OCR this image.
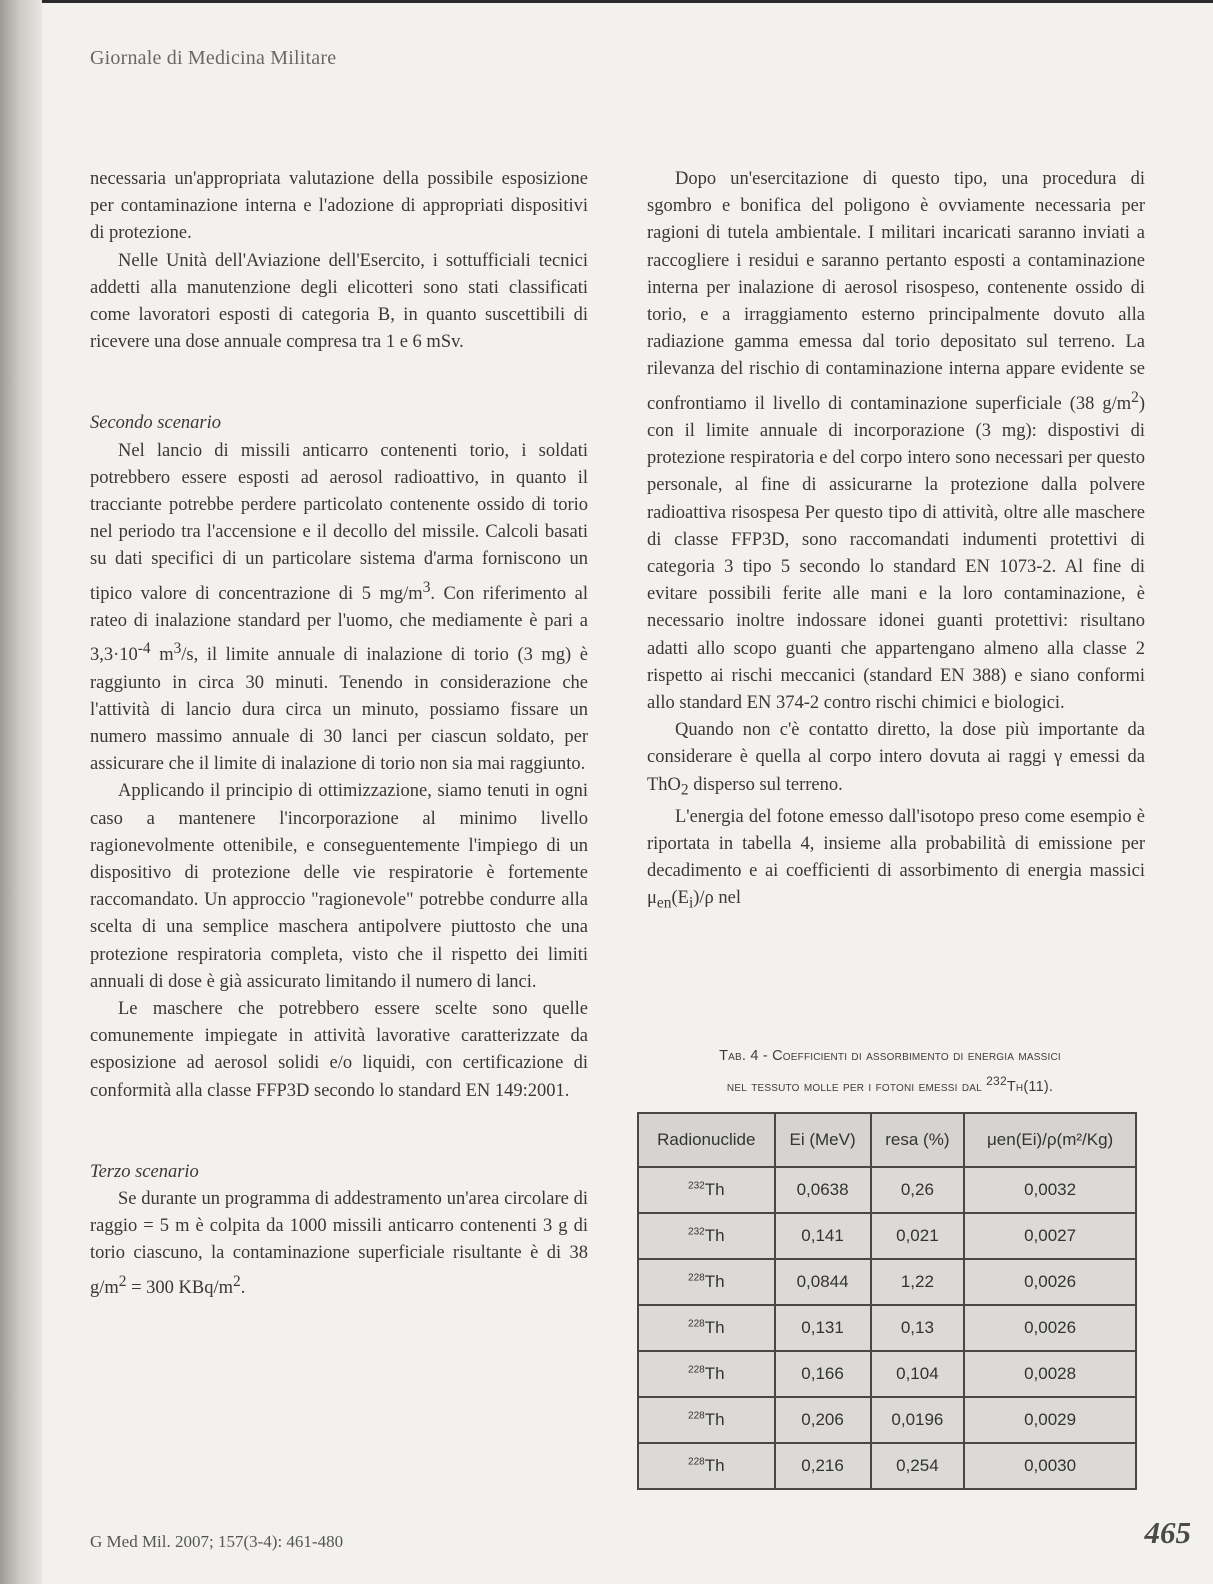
Giornale di Medicina Militare

necessaria un'appropriata valutazione della possibile esposizione per contaminazione interna e l'adozione di appropriati dispositivi di protezione.

Nelle Unità dell'Aviazione dell'Esercito, i sottufficiali tecnici addetti alla manutenzione degli elicotteri sono stati classificati come lavoratori esposti di categoria B, in quanto suscettibili di ricevere una dose annuale compresa tra 1 e 6 mSv.

Secondo scenario

Nel lancio di missili anticarro contenenti torio, i soldati potrebbero essere esposti ad aerosol radioattivo, in quanto il tracciante potrebbe perdere particolato contenente ossido di torio nel periodo tra l'accensione e il decollo del missile. Calcoli basati su dati specifici di un particolare sistema d'arma forniscono un tipico valore di concentrazione di 5 $mg/m^3$. Con riferimento al rateo di inalazione standard per l'uomo, che mediamente è pari a $3,3\cdot 10^{-4}$ $m^3/s$, il limite annuale di inalazione di torio (3 mg) è raggiunto in circa 30 minuti. Tenendo in considerazione che l'attività di lancio dura circa un minuto, possiamo fissare un numero massimo annuale di 30 lanci per ciascun soldato, per assicurare che il limite di inalazione di torio non sia mai raggiunto.

Applicando il principio di ottimizzazione, siamo tenuti in ogni caso a mantenere l'incorporazione al minimo livello ragionevolmente ottenibile, e conseguentemente l'impiego di un dispositivo di protezione delle vie respiratorie è fortemente raccomandato. Un approccio "ragionevole" potrebbe condurre alla scelta di una semplice maschera antipolvere piuttosto che una protezione respiratoria completa, visto che il rispetto dei limiti annuali di dose è già assicurato limitando il numero di lanci.

Le maschere che potrebbero essere scelte sono quelle comunemente impiegate in attività lavorative caratterizzate da esposizione ad aerosol solidi e/o liquidi, con certificazione di conformità alla classe FFP3D secondo lo standard EN 149:2001.

Terzo scenario

Se durante un programma di addestramento un'area circolare di raggio = 5 m è colpita da 1000 missili anticarro contenenti 3 g di torio ciascuno, la contaminazione superficiale risultante è di 38 $g/m^2 = 300$ KBq/$m^2$.

Dopo un'esercitazione di questo tipo, una procedura di sgombro e bonifica del poligono è ovviamente necessaria per ragioni di tutela ambientale. I militari incaricati saranno inviati a raccogliere i residui e saranno pertanto esposti a contaminazione interna per inalazione di aerosol risospeso, contenente ossido di torio, e a irraggiamento esterno principalmente dovuto alla radiazione gamma emessa dal torio depositato sul terreno. La rilevanza del rischio di contaminazione interna appare evidente se confrontiamo il livello di contaminazione superficiale (38 $g/m^2$) con il limite annuale di incorporazione (3 mg): dispostivi di protezione respiratoria e del corpo intero sono necessari per questo personale, al fine di assicurarne la protezione dalla polvere radioattiva risospesa Per questo tipo di attività, oltre alle maschere di classe FFP3D, sono raccomandati indumenti protettivi di categoria 3 tipo 5 secondo lo standard EN 1073-2. Al fine di evitare possibili ferite alle mani e la loro contaminazione, è necessario inoltre indossare idonei guanti protettivi: risultano adatti allo scopo guanti che appartengano almeno alla classe 2 rispetto ai rischi meccanici (standard EN 388) e siano conformi allo standard EN 374-2 contro rischi chimici e biologici.

Quando non c'è contatto diretto, la dose più importante da considerare è quella al corpo intero dovuta ai raggi γ emessi da ThO$_2$ disperso sul terreno.

L'energia del fotone emesso dall'isotopo preso come esempio è riportata in tabella 4, insieme alla probabilità di emissione per decadimento e ai coefficienti di assorbimento di energia massici $\mu_{en}(E_i)/\rho$ nel

Tab. 4 - Coefficienti di assorbimento di energia massici
nel tessuto molle per i fotoni emessi dal $^{232}$Th(11).
Radionuclide	Ei (MeV)	resa (%)	μen(Ei)/ρ(m²/Kg)
$^{232}$Th	0,0638	0,26	0,0032
$^{232}$Th	0,141	0,021	0,0027
$^{228}$Th	0,0844	1,22	0,0026
$^{228}$Th	0,131	0,13	0,0026
$^{228}$Th	0,166	0,104	0,0028
$^{228}$Th	0,206	0,0196	0,0029
$^{228}$Th	0,216	0,254	0,0030
G Med Mil. 2007; 157(3-4): 461-480	465
